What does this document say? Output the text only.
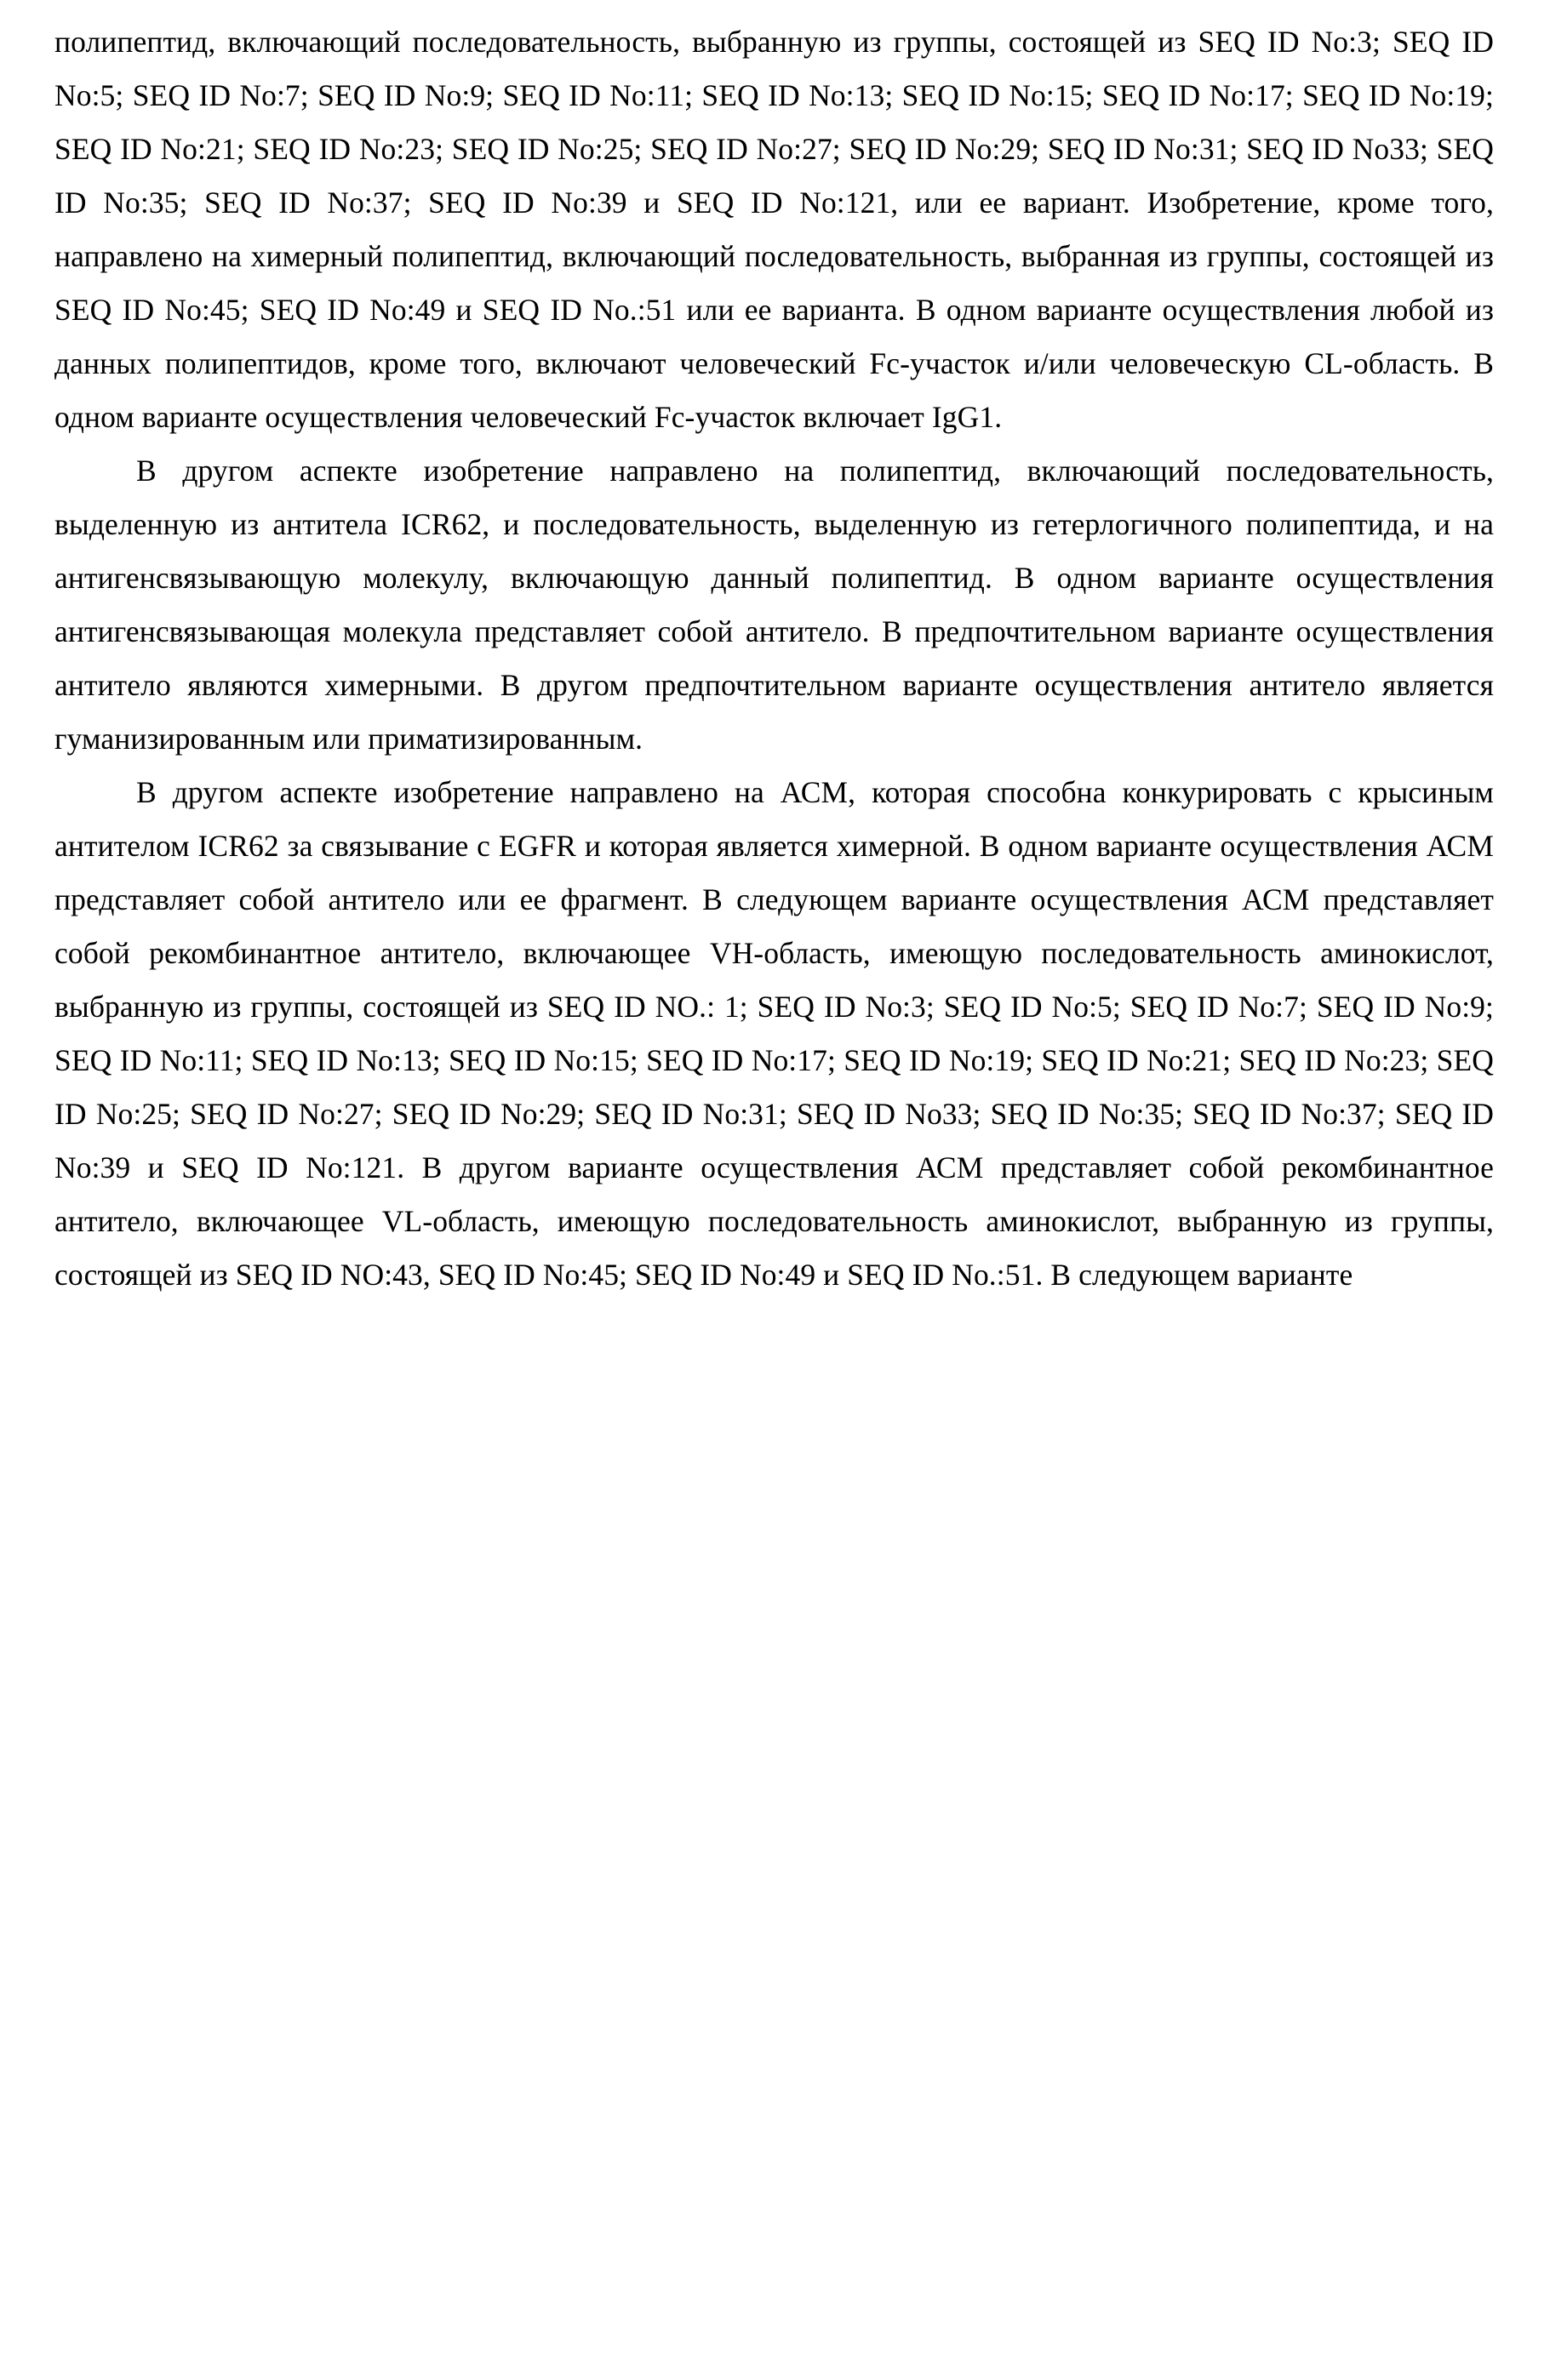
полипептид, включающий последовательность, выбранную из группы, состоящей из SEQ ID No:3; SEQ ID No:5; SEQ ID No:7; SEQ ID No:9; SEQ ID No:11; SEQ ID No:13; SEQ ID No:15; SEQ ID No:17; SEQ ID No:19; SEQ ID No:21; SEQ ID No:23; SEQ ID No:25; SEQ ID No:27; SEQ ID No:29; SEQ ID No:31; SEQ ID No33; SEQ ID No:35; SEQ ID No:37; SEQ ID No:39 и SEQ ID No:121, или ее вариант. Изобретение, кроме того, направлено на химерный полипептид, включающий последовательность, выбранная из группы, состоящей из SEQ ID No:45; SEQ ID No:49 и SEQ ID No.:51 или ее варианта. В одном варианте осуществления любой из данных полипептидов, кроме того, включают человеческий Fc-участок и/или человеческую CL-область. В одном варианте осуществления человеческий Fc-участок включает IgG1.

В другом аспекте изобретение направлено на полипептид, включающий последовательность, выделенную из антитела ICR62, и последовательность, выделенную из гетерлогичного полипептида, и на антигенсвязывающую молекулу, включающую данный полипептид. В одном варианте осуществления антигенсвязывающая молекула представляет собой антитело. В предпочтительном варианте осуществления антитело являются химерными. В другом предпочтительном варианте осуществления антитело является гуманизированным или приматизированным.

В другом аспекте изобретение направлено на АСМ, которая способна конкурировать с крысиным антителом ICR62 за связывание с EGFR и которая является химерной. В одном варианте осуществления АСМ представляет собой антитело или ее фрагмент. В следующем варианте осуществления АСМ представляет собой рекомбинантное антитело, включающее VH-область, имеющую последовательность аминокислот, выбранную из группы, состоящей из SEQ ID NO.: 1; SEQ ID No:3; SEQ ID No:5; SEQ ID No:7; SEQ ID No:9; SEQ ID No:11; SEQ ID No:13; SEQ ID No:15; SEQ ID No:17; SEQ ID No:19; SEQ ID No:21; SEQ ID No:23; SEQ ID No:25; SEQ ID No:27; SEQ ID No:29; SEQ ID No:31; SEQ ID No33; SEQ ID No:35; SEQ ID No:37; SEQ ID No:39 и SEQ ID No:121. В другом варианте осуществления АСМ представляет собой рекомбинантное антитело, включающее VL-область, имеющую последовательность аминокислот, выбранную из группы, состоящей из SEQ ID NO:43, SEQ ID No:45; SEQ ID No:49 и SEQ ID No.:51. В следующем варианте
